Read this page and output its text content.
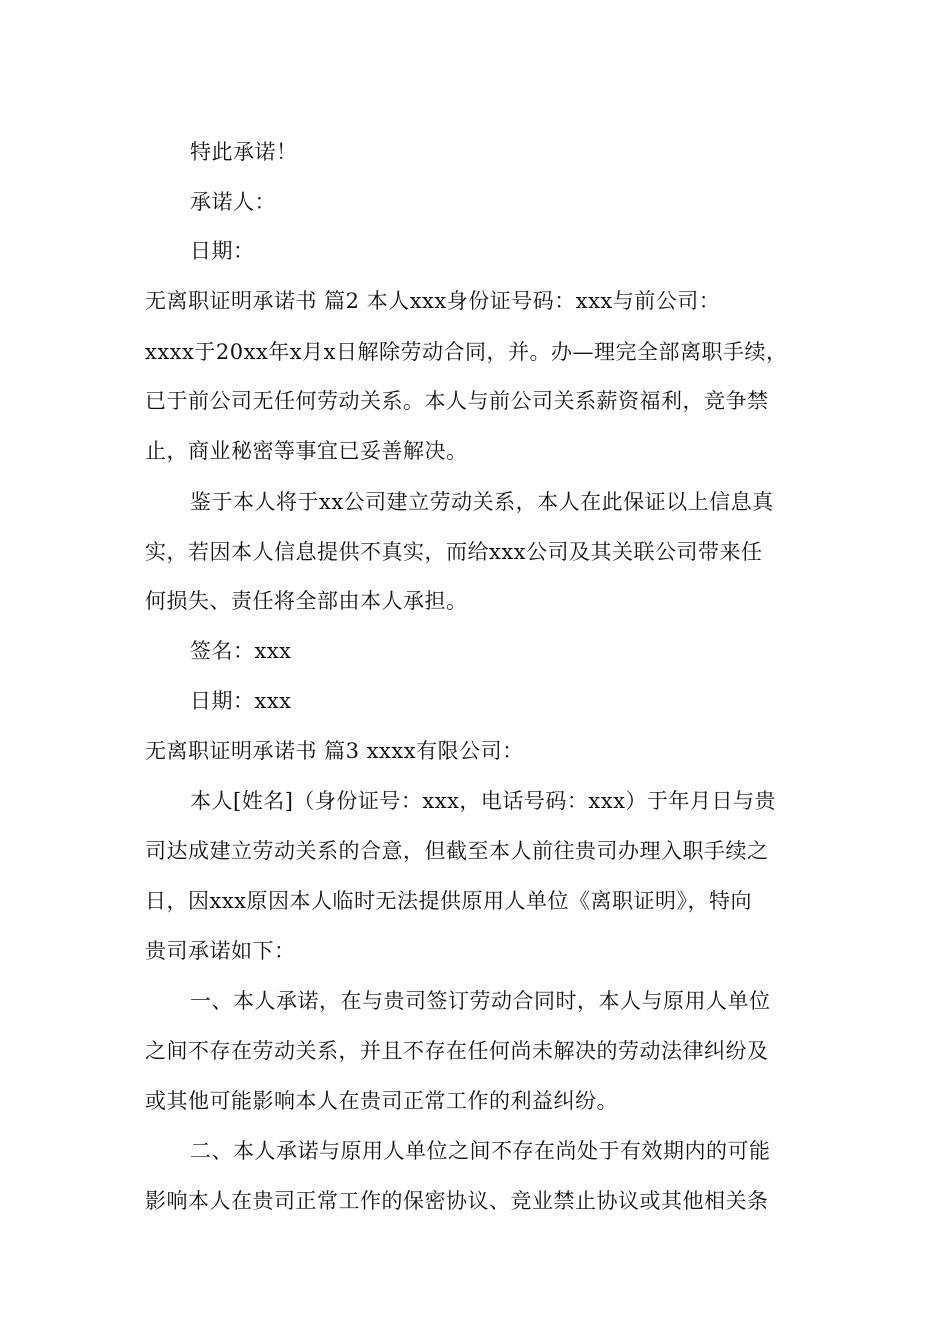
特此承诺！
承诺人：
日期：
无离职证明承诺书 篇2 本人xxx身份证号码：xxx与前公司：
xxxx于20xx年x月x日解除劳动合同，并。办—理完全部离职手续，
已于前公司无任何劳动关系。本人与前公司关系薪资福利，竞争禁
止，商业秘密等事宜已妥善解决。
鉴于本人将于xx公司建立劳动关系，本人在此保证以上信息真
实，若因本人信息提供不真实，而给xxx公司及其关联公司带来任
何损失、责任将全部由本人承担。
签名：xxx
日期：xxx
无离职证明承诺书 篇3 xxxx有限公司：
本人[姓名]（身份证号：xxx，电话号码：xxx）于年月日与贵
司达成建立劳动关系的合意，但截至本人前往贵司办理入职手续之
日，因xxx原因本人临时无法提供原用人单位《离职证明》，特向
贵司承诺如下：
一、本人承诺，在与贵司签订劳动合同时，本人与原用人单位
之间不存在劳动关系，并且不存在任何尚未解决的劳动法律纠纷及
或其他可能影响本人在贵司正常工作的利益纠纷。
二、本人承诺与原用人单位之间不存在尚处于有效期内的可能
影响本人在贵司正常工作的保密协议、竞业禁止协议或其他相关条
